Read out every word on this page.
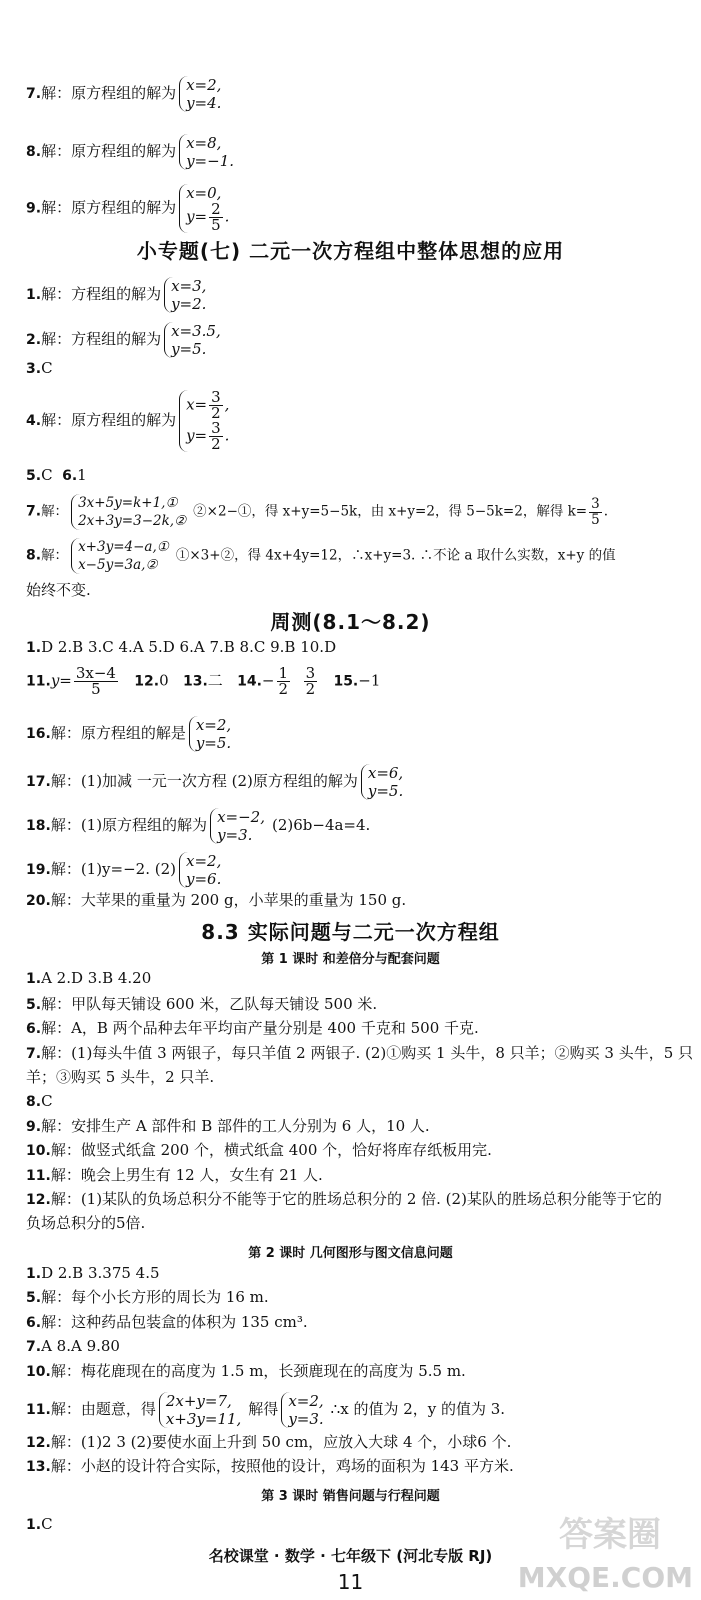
7.解：原方程组的解为 x=2,
y=4.
8.解：原方程组的解为 x=8,
y=−1.
9.解：原方程组的解为
x=0,
$y= \frac{2}{5}$ .
小专题(七) 二元一次方程组中整体思想的应用
1.解：方程组的解为 x=3,
y=2.
2.解：方程组的解为 x=3.5,
y=5.
3.C
4.解：原方程组的解为
$x= \frac{3}{2}$ ,
$y= \frac{3}{2}$ .
5.C 6.1
7.解：
3x+5y=k+1,①
2x+3y=3−2k,②
②×2−①，得 x+y=5−5k，由 x+y=2，得 5−5k=2，解得 $k= \frac{3}{5}$ .
8.解：
x+3y=4−a,①
x−5y=3a,②
①×3+②，得 4x+4y=12，∴x+y=3. ∴不论 a 取什么实数，x+y 的值
始终不变.
周测(8.1～8.2)
1.D 2.B 3.C 4.A 5.D 6.A 7.B 8.C 9.B 10.D
$11.y= \frac{3x-4}{5} 12.0$ 13.二 $14.- \frac{1}{2}$
$\frac{3}{2} 15.-1$
16.解：原方程组的解是 x=2,
y=5.
17.解：(1)加减 一元一次方程 (2)原方程组的解为 x=6,
y=5.
18.解：(1)原方程组的解为 x=−2,
y=3.
(2)6b−4a=4.
19.解：(1)y=−2. (2) x=2,
y=6.
20.解：大苹果的重量为 200 g，小苹果的重量为 150 g.
8.3 实际问题与二元一次方程组
第 1 课时 和差倍分与配套问题
1.A 2.D 3.B 4.20
5.解：甲队每天铺设 600 米，乙队每天铺设 500 米.
6.解：A，B 两个品种去年平均亩产量分别是 400 千克和 500 千克.
7.解：(1)每头牛值 3 两银子，每只羊值 2 两银子. (2)①购买 1 头牛，8 只羊；②购买 3 头牛，5 只
羊；③购买 5 头牛，2 只羊.
8.C
9.解：安排生产 A 部件和 B 部件的工人分别为 6 人，10 人.
10.解：做竖式纸盒 200 个，横式纸盒 400 个，恰好将库存纸板用完.
11.解：晚会上男生有 12 人，女生有 21 人.
12.解：(1)某队的负场总积分不能等于它的胜场总积分的 2 倍. (2)某队的胜场总积分能等于它的
负场总积分的5倍.
第 2 课时 几何图形与图文信息问题
1.D 2.B 3.375 4.5
5.解：每个小长方形的周长为 16 m.
6.解：这种药品包装盒的体积为 135 cm³.
7.A 8.A 9.80
10.解：梅花鹿现在的高度为 1.5 m，长颈鹿现在的高度为 5.5 m.
11.解：由题意，得 2x+y=7,
x+3y=11,
解得 x=2,
y=3.
∴x 的值为 2，y 的值为 3.
12.解：(1)2 3 (2)要使水面上升到 50 cm，应放入大球 4 个，小球6 个.
13.解：小赵的设计符合实际，按照他的设计，鸡场的面积为 143 平方米.
第 3 课时 销售问题与行程问题
1.C
名校课堂 · 数学 · 七年级下 (河北专版 RJ)
11
答案圈
MXQE.COM
